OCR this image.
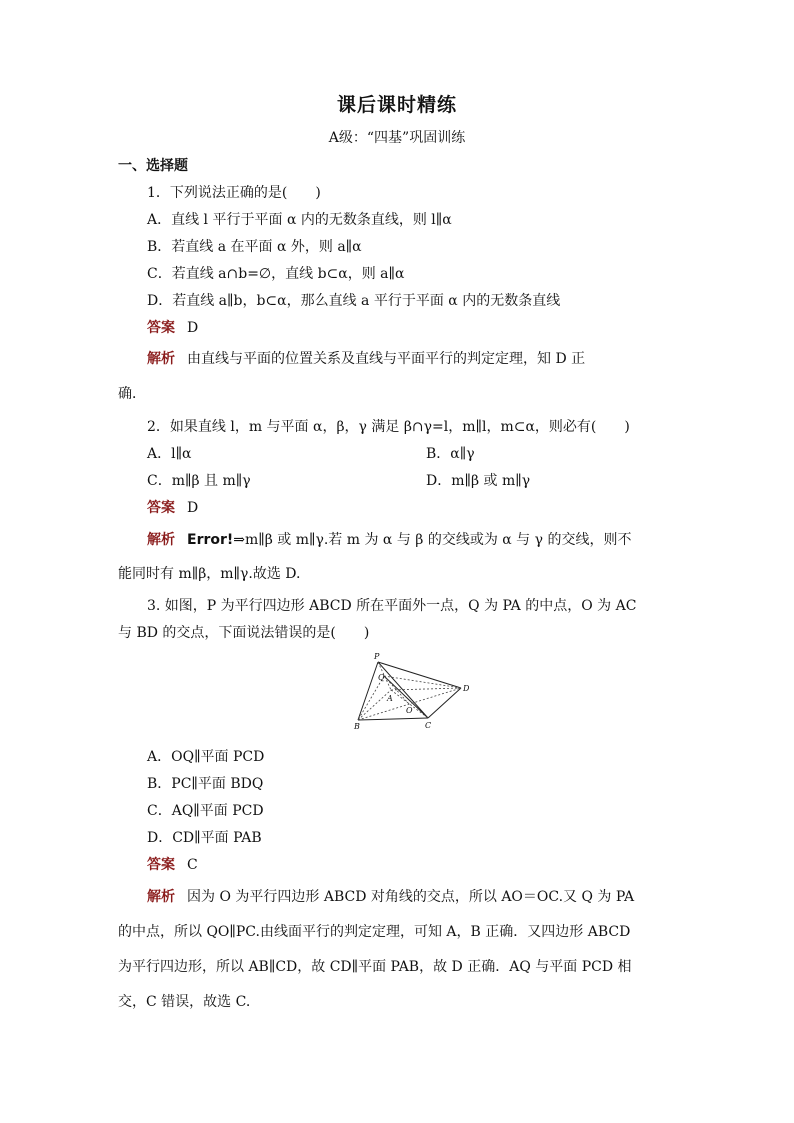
课后课时精练
A级：“四基”巩固训练
一、选择题
1．下列说法正确的是(　　)
A．直线 l 平行于平面 α 内的无数条直线，则 l∥α
B．若直线 a 在平面 α 外，则 a∥α
C．若直线 a∩b=∅，直线 b⊂α，则 a∥α
D．若直线 a∥b，b⊂α，那么直线 a 平行于平面 α 内的无数条直线
答案 D
解析 由直线与平面的位置关系及直线与平面平行的判定定理，知 D 正
确．
2．如果直线 l，m 与平面 α，β，γ 满足 β∩γ=l，m∥l，m⊂α，则必有(　　)
A．l∥α	B．α∥γ
C．m∥β 且 m∥γ	D．m∥β 或 m∥γ
答案 D
解析 Error!⇒m∥β 或 m∥γ.若 m 为 α 与 β 的交线或为 α 与 γ 的交线，则不
能同时有 m∥β，m∥γ.故选 D.
3. 如图，P 为平行四边形 ABCD 所在平面外一点，Q 为 PA 的中点，O 为 AC
与 BD 的交点，下面说法错误的是(　　)
P
Q
A
O
B	C
D
A．OQ∥平面 PCD
B．PC∥平面 BDQ
C．AQ∥平面 PCD
D．CD∥平面 PAB
答案 C
解析 因为 O 为平行四边形 ABCD 对角线的交点，所以 AO＝OC.又 Q 为 PA
的中点，所以 QO∥PC.由线面平行的判定定理，可知 A，B 正确．又四边形 ABCD
为平行四边形，所以 AB∥CD，故 CD∥平面 PAB，故 D 正确．AQ 与平面 PCD 相
交，C 错误，故选 C.
